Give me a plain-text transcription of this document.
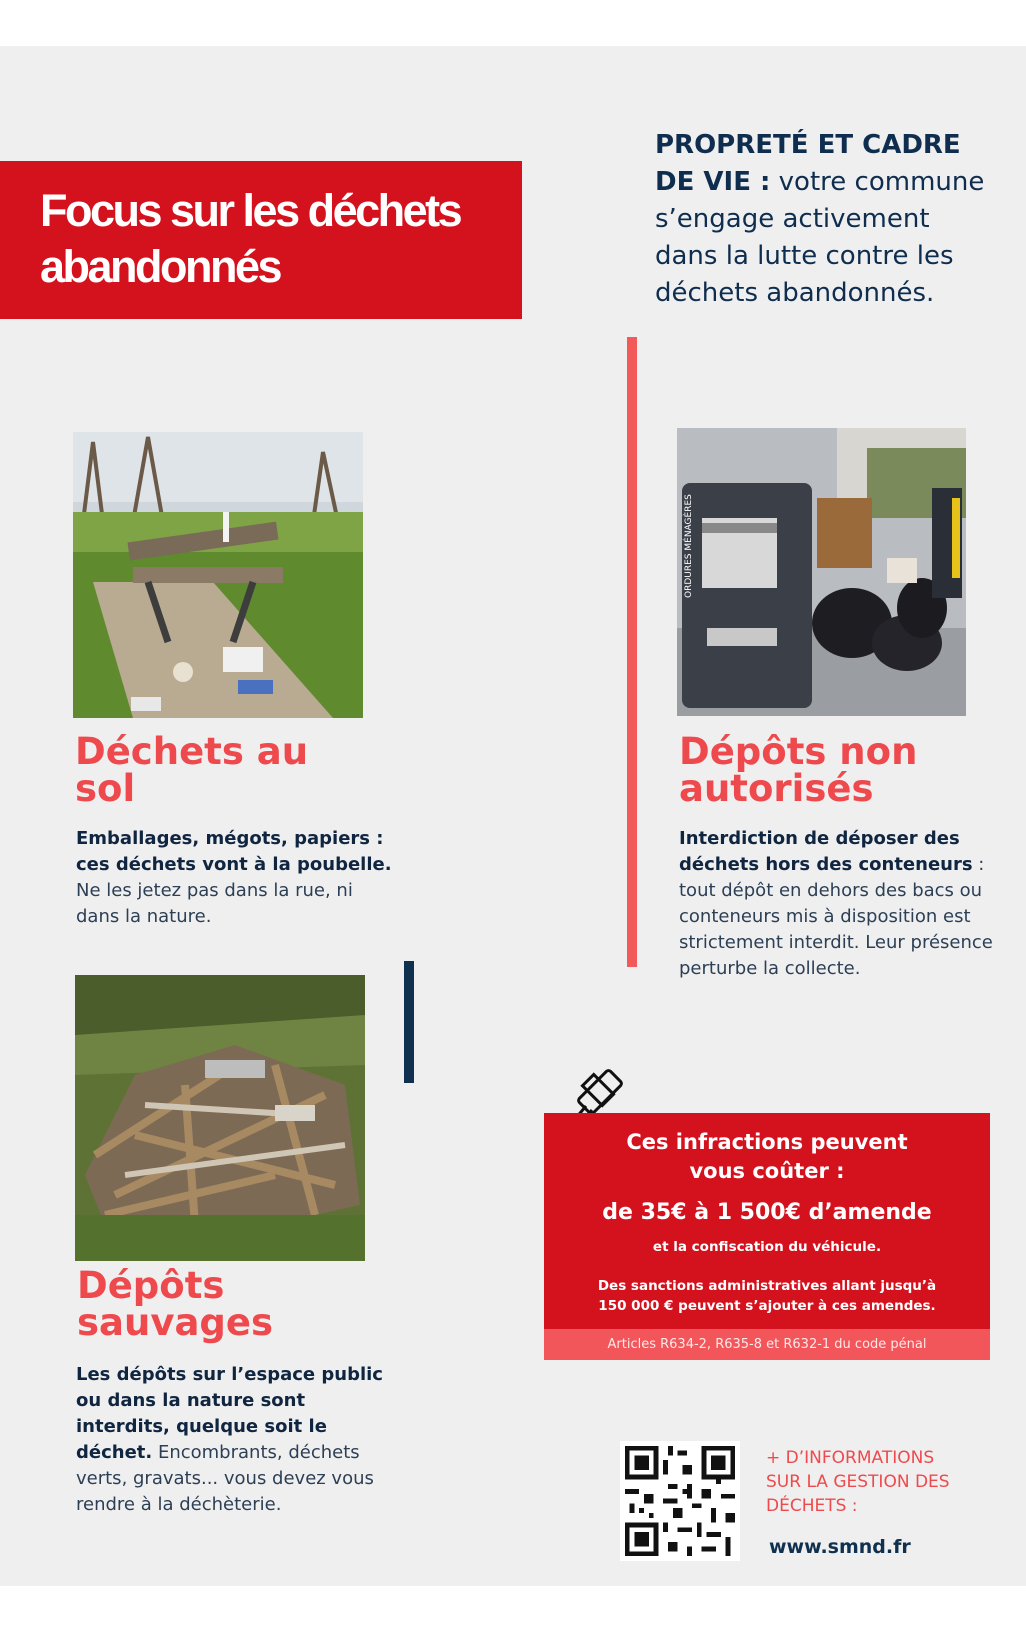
Focus sur les déchets
abandonnés
PROPRETÉ ET CADRE DE VIE : votre commune s’engage activement dans la lutte contre les déchets abandonnés.
Déchets au
sol
Emballages, mégots, papiers : ces déchets vont à la poubelle. Ne les jetez pas dans la rue, ni dans la nature.
ORDURES MÉNAGÈRES
Dépôts non
autorisés
Interdiction de déposer des déchets hors des conteneurs : tout dépôt en dehors des bacs ou conteneurs mis à disposition est strictement interdit. Leur présence perturbe la collecte.
Dépôts
sauvages
Les dépôts sur l’espace public ou dans la nature sont interdits, quelque soit le déchet. Encombrants, déchets verts, gravats... vous devez vous rendre à la déchèterie.
Ces infractions peuvent
vous coûter :
de 35€ à 1 500€ d’amende
et la confiscation du véhicule.
Des sanctions administratives allant jusqu’à
150 000 € peuvent s’ajouter à ces amendes.
Articles R634-2, R635-8 et R632-1 du code pénal
+ D’INFORMATIONS
SUR LA GESTION DES
DÉCHETS :
www.smnd.fr
